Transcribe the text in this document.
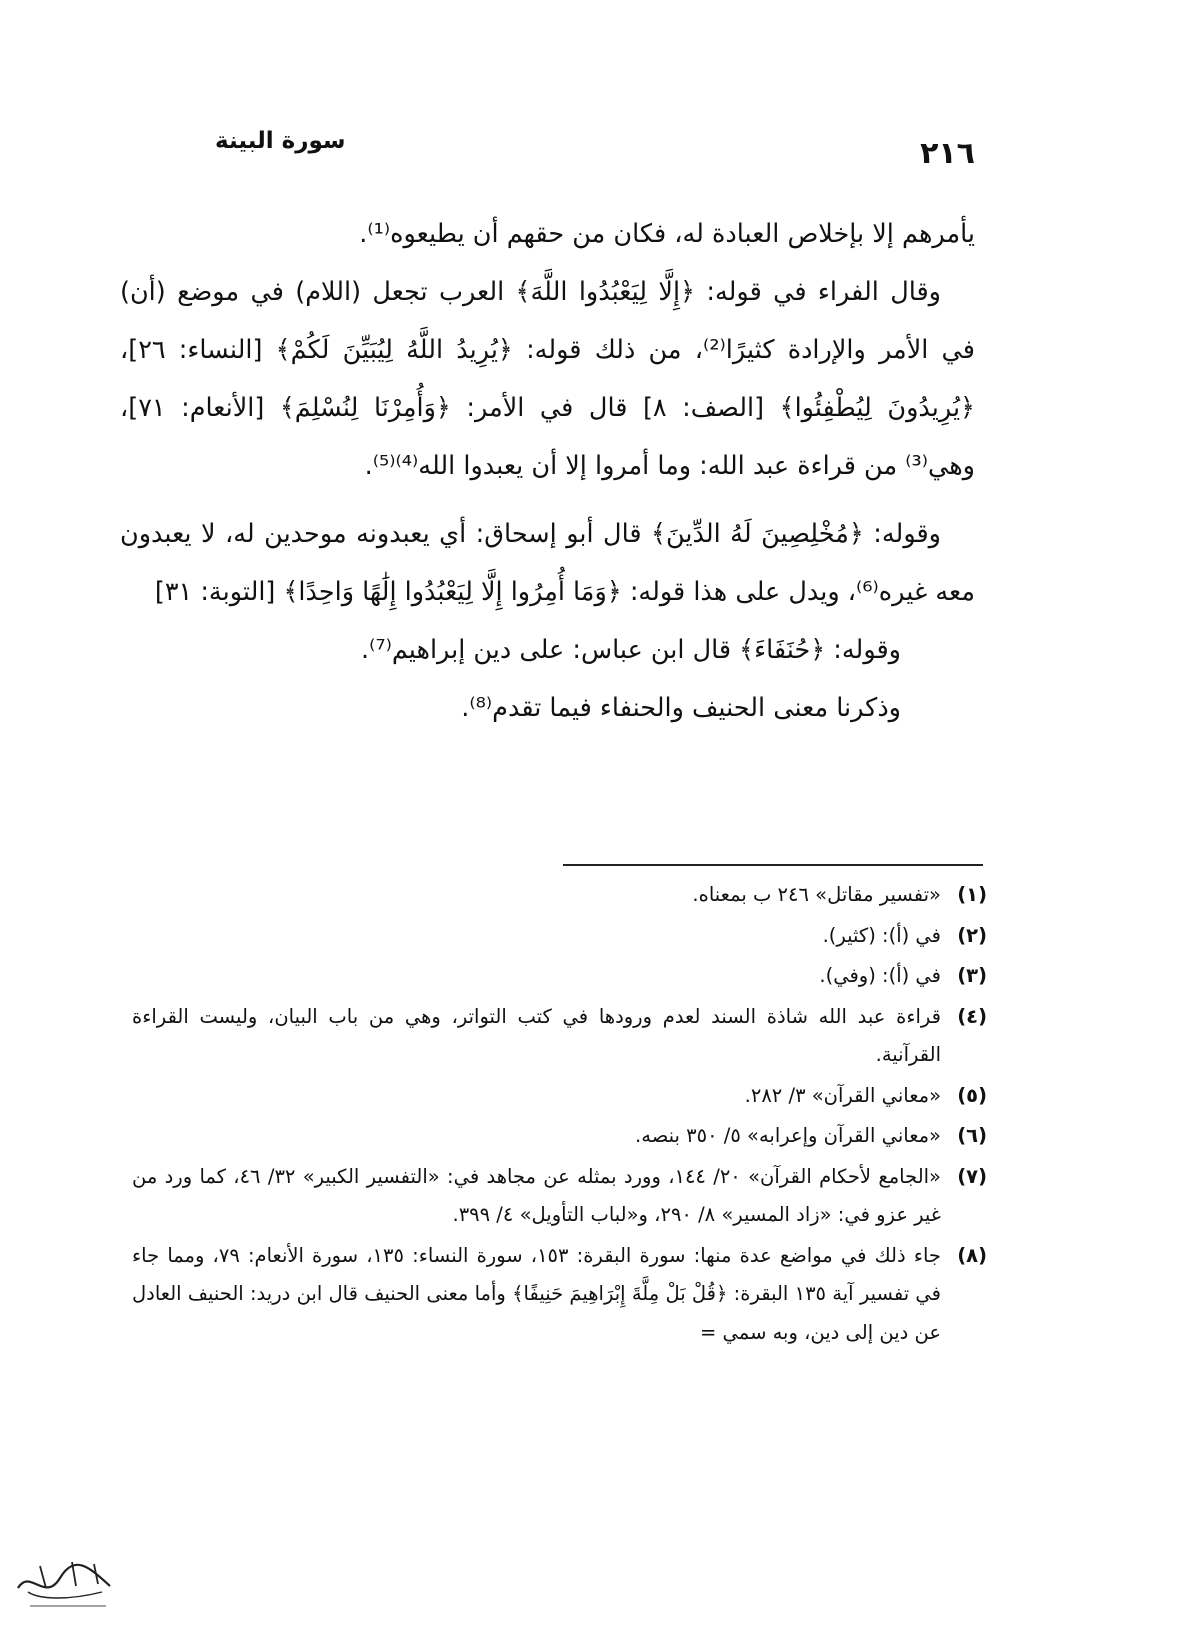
٢١٦
سورة البينة

يأمرهم إلا بإخلاص العبادة له، فكان من حقهم أن يطيعوه⁽¹⁾.

وقال الفراء في قوله: ﴿إِلَّا لِيَعْبُدُوا اللَّهَ﴾ العرب تجعل (اللام) في موضع (أن) في الأمر والإرادة كثيرًا⁽²⁾، من ذلك قوله: ﴿يُرِيدُ اللَّهُ لِيُبَيِّنَ لَكُمْ﴾ [النساء: ٢٦]، ﴿يُرِيدُونَ لِيُطْفِئُوا﴾ [الصف: ٨] قال في الأمر: ﴿وَأُمِرْنَا لِنُسْلِمَ﴾ [الأنعام: ٧١]، وهي⁽³⁾ من قراءة عبد الله: وما أمروا إلا أن يعبدوا الله⁽⁴⁾⁽⁵⁾.

وقوله: ﴿مُخْلِصِينَ لَهُ الدِّينَ﴾ قال أبو إسحاق: أي يعبدونه موحدين له، لا يعبدون معه غيره⁽⁶⁾، ويدل على هذا قوله: ﴿وَمَا أُمِرُوا إِلَّا لِيَعْبُدُوا إِلَٰهًا وَاحِدًا﴾ [التوبة: ٣١]

وقوله: ﴿حُنَفَاءَ﴾ قال ابن عباس: على دين إبراهيم⁽⁷⁾.

وذكرنا معنى الحنيف والحنفاء فيما تقدم⁽⁸⁾.

(١)
«تفسير مقاتل» ٢٤٦ ب بمعناه.
(٢)
في (أ): (كثير).
(٣)
في (أ): (وفي).
(٤)
قراءة عبد الله شاذة السند لعدم ورودها في كتب التواتر، وهي من باب البيان، وليست القراءة القرآنية.
(٥)
«معاني القرآن» ٣/ ٢٨٢.
(٦)
«معاني القرآن وإعرابه» ٥/ ٣٥٠ بنصه.
(٧)
«الجامع لأحكام القرآن» ٢٠/ ١٤٤، وورد بمثله عن مجاهد في: «التفسير الكبير» ٣٢/ ٤٦، كما ورد من غير عزو في: «زاد المسير» ٨/ ٢٩٠، و«لباب التأويل» ٤/ ٣٩٩.
(٨)
جاء ذلك في مواضع عدة منها: سورة البقرة: ١٥٣، سورة النساء: ١٣٥، سورة الأنعام: ٧٩، ومما جاء في تفسير آية ١٣٥ البقرة: ﴿قُلْ بَلْ مِلَّةَ إِبْرَاهِيمَ حَنِيفًا﴾ وأما معنى الحنيف قال ابن دريد: الحنيف العادل عن دين إلى دين، وبه سمي =
